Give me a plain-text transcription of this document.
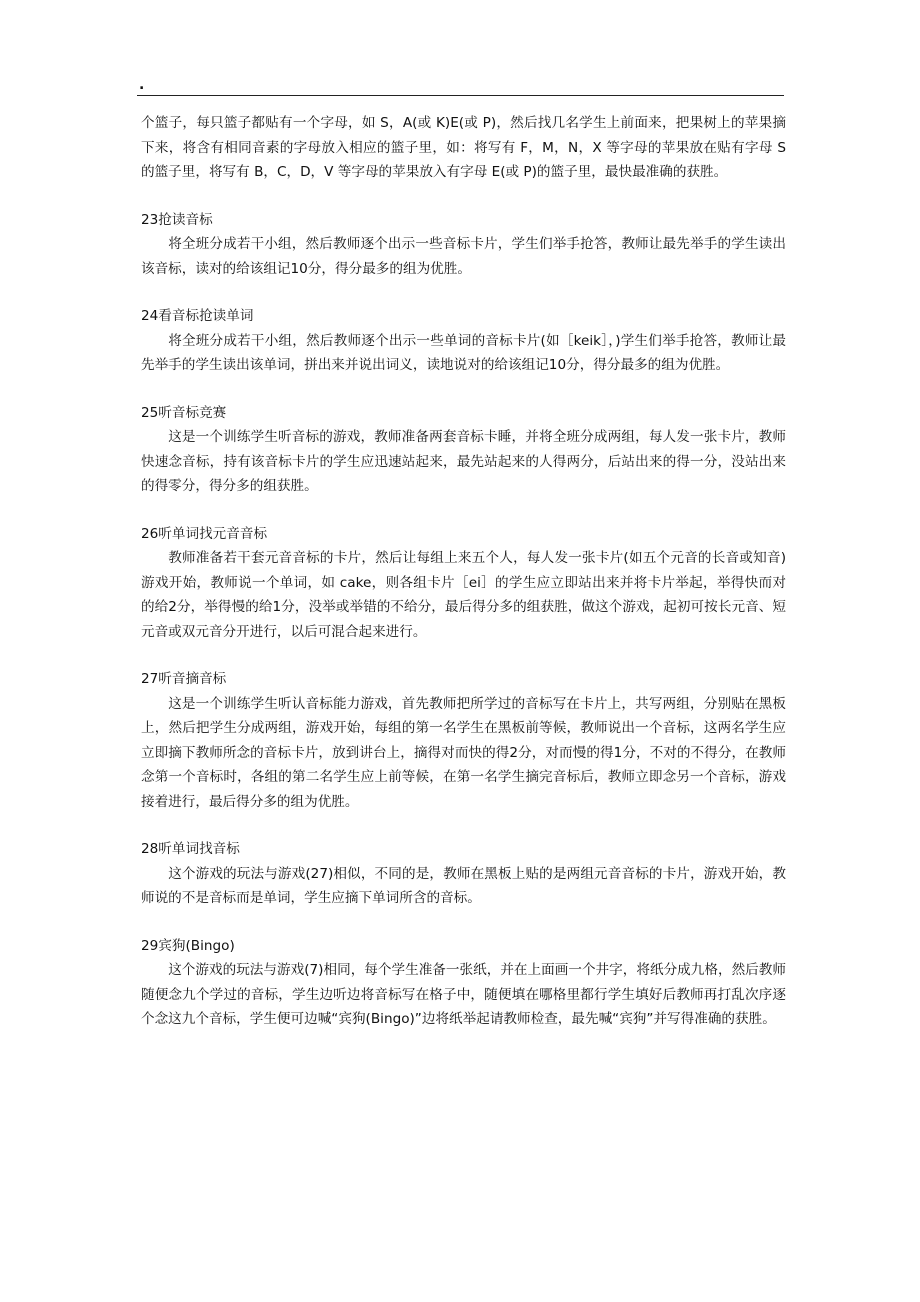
.

个篮子，每只篮子都贴有一个字母，如 S，A(或 K)E(或 P)，然后找几名学生上前面来，把果树上的苹果摘下来，将含有相同音素的字母放入相应的篮子里，如：将写有 F，M，N，X 等字母的苹果放在贴有字母 S 的篮子里，将写有 B，C，D，V 等字母的苹果放入有字母 E(或 P)的篮子里，最快最准确的获胜。

23抢读音标

将全班分成若干小组，然后教师逐个出示一些音标卡片，学生们举手抢答，教师让最先举手的学生读出该音标，读对的给该组记10分，得分最多的组为优胜。

24看音标抢读单词

将全班分成若干小组，然后教师逐个出示一些单词的音标卡片(如［keik］，)学生们举手抢答，教师让最先举手的学生读出该单词，拼出来并说出词义，读地说对的给该组记10分，得分最多的组为优胜。

25听音标竞赛

这是一个训练学生听音标的游戏，教师准备两套音标卡睡，并将全班分成两组，每人发一张卡片，教师快速念音标，持有该音标卡片的学生应迅速站起来，最先站起来的人得两分，后站出来的得一分，没站出来的得零分，得分多的组获胜。

26听单词找元音音标

教师准备若干套元音音标的卡片，然后让每组上来五个人，每人发一张卡片(如五个元音的长音或知音)游戏开始，教师说一个单词，如 cake，则各组卡片［ei］的学生应立即站出来并将卡片举起，举得快而对的给2分，举得慢的给1分，没举或举错的不给分，最后得分多的组获胜，做这个游戏，起初可按长元音、短元音或双元音分开进行，以后可混合起来进行。

27听音摘音标

这是一个训练学生听认音标能力游戏，首先教师把所学过的音标写在卡片上，共写两组，分别贴在黑板上，然后把学生分成两组，游戏开始，每组的第一名学生在黑板前等候，教师说出一个音标，这两名学生应立即摘下教师所念的音标卡片，放到讲台上，摘得对而快的得2分，对而慢的得1分，不对的不得分，在教师念第一个音标时，各组的第二名学生应上前等候，在第一名学生摘完音标后，教师立即念另一个音标，游戏接着进行，最后得分多的组为优胜。

28听单词找音标

这个游戏的玩法与游戏(27)相似，不同的是，教师在黑板上贴的是两组元音音标的卡片，游戏开始，教师说的不是音标而是单词，学生应摘下单词所含的音标。

29宾狗(Bingo)

这个游戏的玩法与游戏(7)相同，每个学生准备一张纸，并在上面画一个井字，将纸分成九格，然后教师随便念九个学过的音标，学生边听边将音标写在格子中，随便填在哪格里都行学生填好后教师再打乱次序逐个念这九个音标，学生便可边喊“宾狗(Bingo)”边将纸举起请教师检查，最先喊“宾狗”并写得准确的获胜。
